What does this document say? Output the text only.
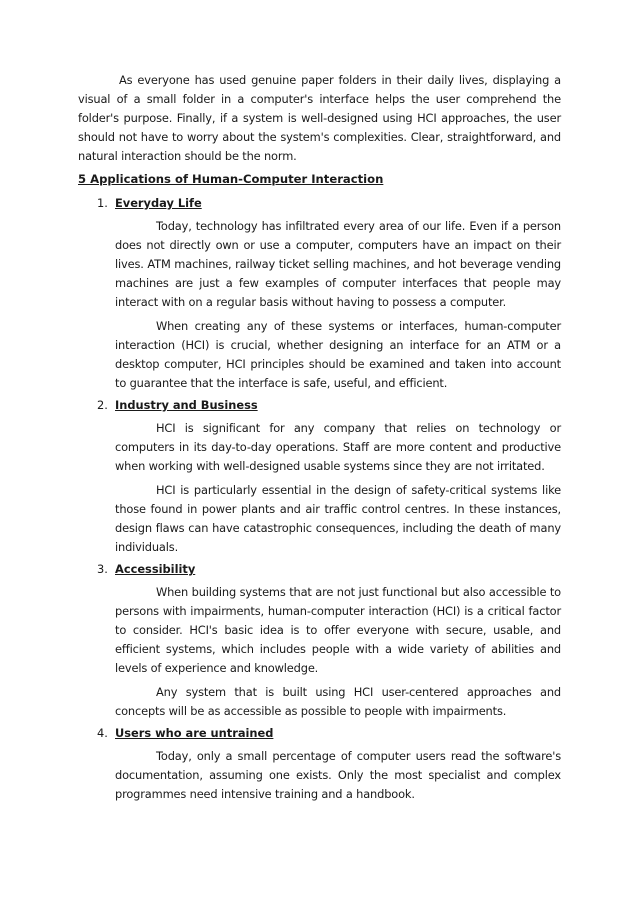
As everyone has used genuine paper folders in their daily lives, displaying a visual of a small folder in a computer's interface helps the user comprehend the folder's purpose. Finally, if a system is well-designed using HCI approaches, the user should not have to worry about the system's complexities. Clear, straightforward, and natural interaction should be the norm.

5 Applications of Human-Computer Interaction
1. Everyday Life

Today, technology has infiltrated every area of our life. Even if a person does not directly own or use a computer, computers have an impact on their lives. ATM machines, railway ticket selling machines, and hot beverage vending machines are just a few examples of computer interfaces that people may interact with on a regular basis without having to possess a computer.

When creating any of these systems or interfaces, human-computer interaction (HCI) is crucial, whether designing an interface for an ATM or a desktop computer, HCI principles should be examined and taken into account to guarantee that the interface is safe, useful, and efficient.

2. Industry and Business

HCI is significant for any company that relies on technology or computers in its day-to-day operations. Staff are more content and productive when working with well-designed usable systems since they are not irritated.

HCI is particularly essential in the design of safety-critical systems like those found in power plants and air traffic control centres. In these instances, design flaws can have catastrophic consequences, including the death of many individuals.

3. Accessibility

When building systems that are not just functional but also accessible to persons with impairments, human-computer interaction (HCI) is a critical factor to consider. HCI's basic idea is to offer everyone with secure, usable, and efficient systems, which includes people with a wide variety of abilities and levels of experience and knowledge.

Any system that is built using HCI user-centered approaches and concepts will be as accessible as possible to people with impairments.

4. Users who are untrained

Today, only a small percentage of computer users read the software's documentation, assuming one exists. Only the most specialist and complex programmes need intensive training and a handbook.
